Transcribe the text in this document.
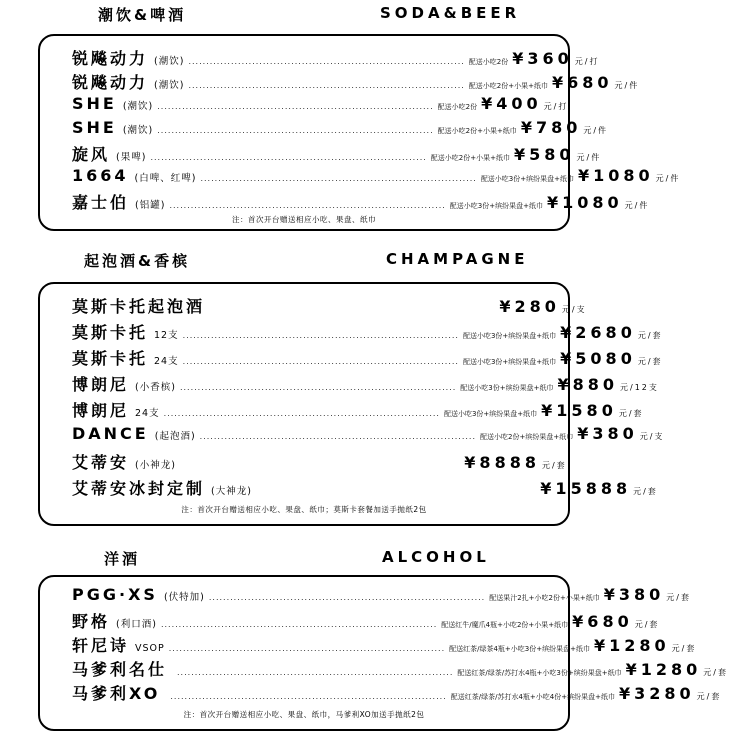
潮饮&啤酒	SODA&BEER
锐飚动力 (潮饮) .............................................................................. 配送小吃2份 ¥360 元/打
锐飚动力 (潮饮) .............................................................................. 配送小吃2份+小果+纸巾 ¥680 元/件
SHE (潮饮) .............................................................................. 配送小吃2份 ¥400 元/打
SHE (潮饮) .............................................................................. 配送小吃2份+小果+纸巾 ¥780 元/件
旋风 (果啤) .............................................................................. 配送小吃2份+小果+纸巾 ¥580 元/件
1664 (白啤、红啤) .............................................................................. 配送小吃3份+缤纷果盘+纸巾 ¥1080 元/件
嘉士伯 (铝罐) .............................................................................. 配送小吃3份+缤纷果盘+纸巾 ¥1080 元/件
注：首次开台赠送相应小吃、果盘、纸巾
起泡酒&香槟	CHAMPAGNE
莫斯卡托起泡酒	¥280 元/支
莫斯卡托 12支 .............................................................................. 配送小吃3份+缤纷果盘+纸巾 ¥2680 元/套
莫斯卡托 24支 .............................................................................. 配送小吃3份+缤纷果盘+纸巾 ¥5080 元/套
博朗尼 (小香槟) .............................................................................. 配送小吃3份+缤纷果盘+纸巾 ¥880 元/12支
博朗尼 24支 .............................................................................. 配送小吃3份+缤纷果盘+纸巾 ¥1580 元/套
DANCE (起泡酒) .............................................................................. 配送小吃2份+缤纷果盘+纸巾 ¥380 元/支
艾蒂安 (小神龙)	¥8888 元/套
艾蒂安冰封定制 (大神龙)	¥15888 元/套
注：首次开台赠送相应小吃、果盘、纸巾；莫斯卡套餐加送手抛纸2包
洋酒	ALCOHOL
PGG·XS (伏特加) .............................................................................. 配送果汁2扎+小吃2份+小果+纸巾 ¥380 元/套
野格 (利口酒) .............................................................................. 配送红牛/魔爪4瓶+小吃2份+小果+纸巾 ¥680 元/套
轩尼诗 VSOP .............................................................................. 配送红茶/绿茶4瓶+小吃3份+缤纷果盘+纸巾 ¥1280 元/套
马爹利名仕 .............................................................................. 配送红茶/绿茶/苏打水4瓶+小吃3份+缤纷果盘+纸巾 ¥1280 元/套
马爹利XO .............................................................................. 配送红茶/绿茶/苏打水4瓶+小吃4份+缤纷果盘+纸巾 ¥3280 元/套
注：首次开台赠送相应小吃、果盘、纸巾，马爹利XO加送手抛纸2包
